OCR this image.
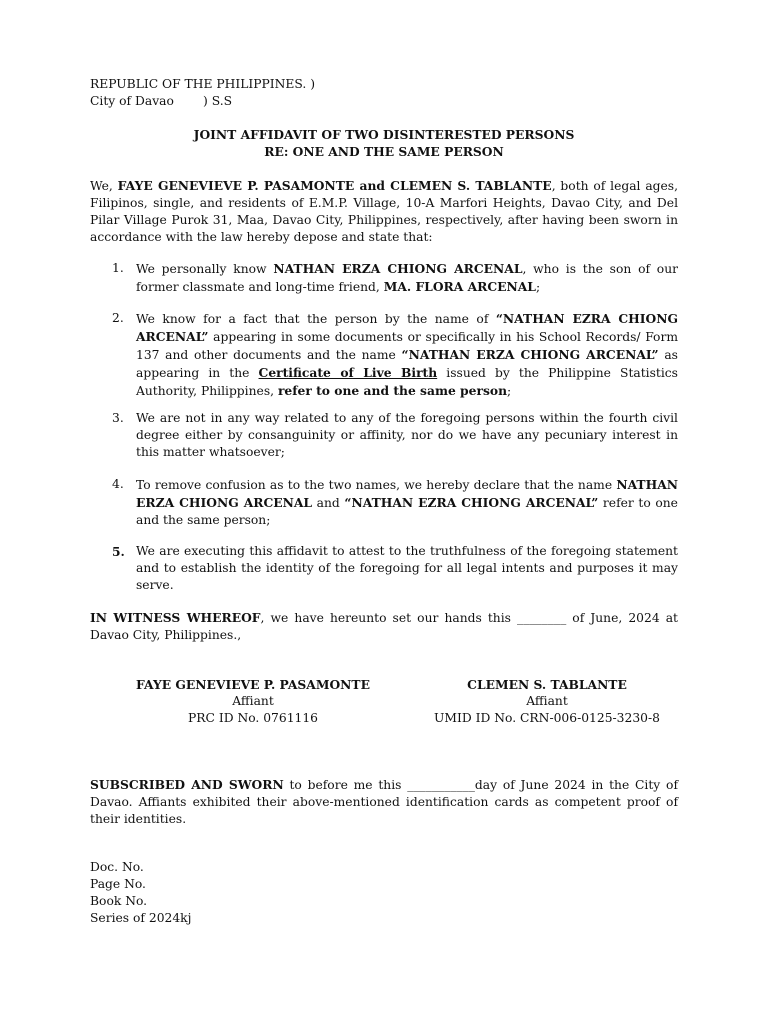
REPUBLIC OF THE PHILIPPINES. )
City of Davao ) S.S
JOINT AFFIDAVIT OF TWO DISINTERESTED PERSONS
RE: ONE AND THE SAME PERSON
We, FAYE GENEVIEVE P. PASAMONTE and CLEMEN S. TABLANTE, both of legal ages, Filipinos, single, and residents of E.M.P. Village, 10-A Marfori Heights, Davao City, and Del Pilar Village Purok 31, Maa, Davao City, Philippines, respectively, after having been sworn in accordance with the law hereby depose and state that:
1. We personally know NATHAN ERZA CHIONG ARCENAL, who is the son of our former classmate and long-time friend, MA. FLORA ARCENAL;
2. We know for a fact that the person by the name of “NATHAN EZRA CHIONG ARCENAL” appearing in some documents or specifically in his School Records/ Form 137 and other documents and the name “NATHAN ERZA CHIONG ARCENAL” as appearing in the Certificate of Live Birth issued by the Philippine Statistics Authority, Philippines, refer to one and the same person;
3. We are not in any way related to any of the foregoing persons within the fourth civil degree either by consanguinity or affinity, nor do we have any pecuniary interest in this matter whatsoever;
4. To remove confusion as to the two names, we hereby declare that the name NATHAN ERZA CHIONG ARCENAL and “NATHAN EZRA CHIONG ARCENAL” refer to one and the same person;
5. We are executing this affidavit to attest to the truthfulness of the foregoing statement and to establish the identity of the foregoing for all legal intents and purposes it may serve.
IN WITNESS WHEREOF, we have hereunto set our hands this ________ of June, 2024 at Davao City, Philippines.,
FAYE GENEVIEVE P. PASAMONTE
Affiant
PRC ID No. 0761116
CLEMEN S. TABLANTE
Affiant
UMID ID No. CRN-006-0125-3230-8
SUBSCRIBED AND SWORN to before me this ___________day of June 2024 in the City of Davao. Affiants exhibited their above-mentioned identification cards as competent proof of their identities.
Doc. No.
Page No.
Book No.
Series of 2024kj
